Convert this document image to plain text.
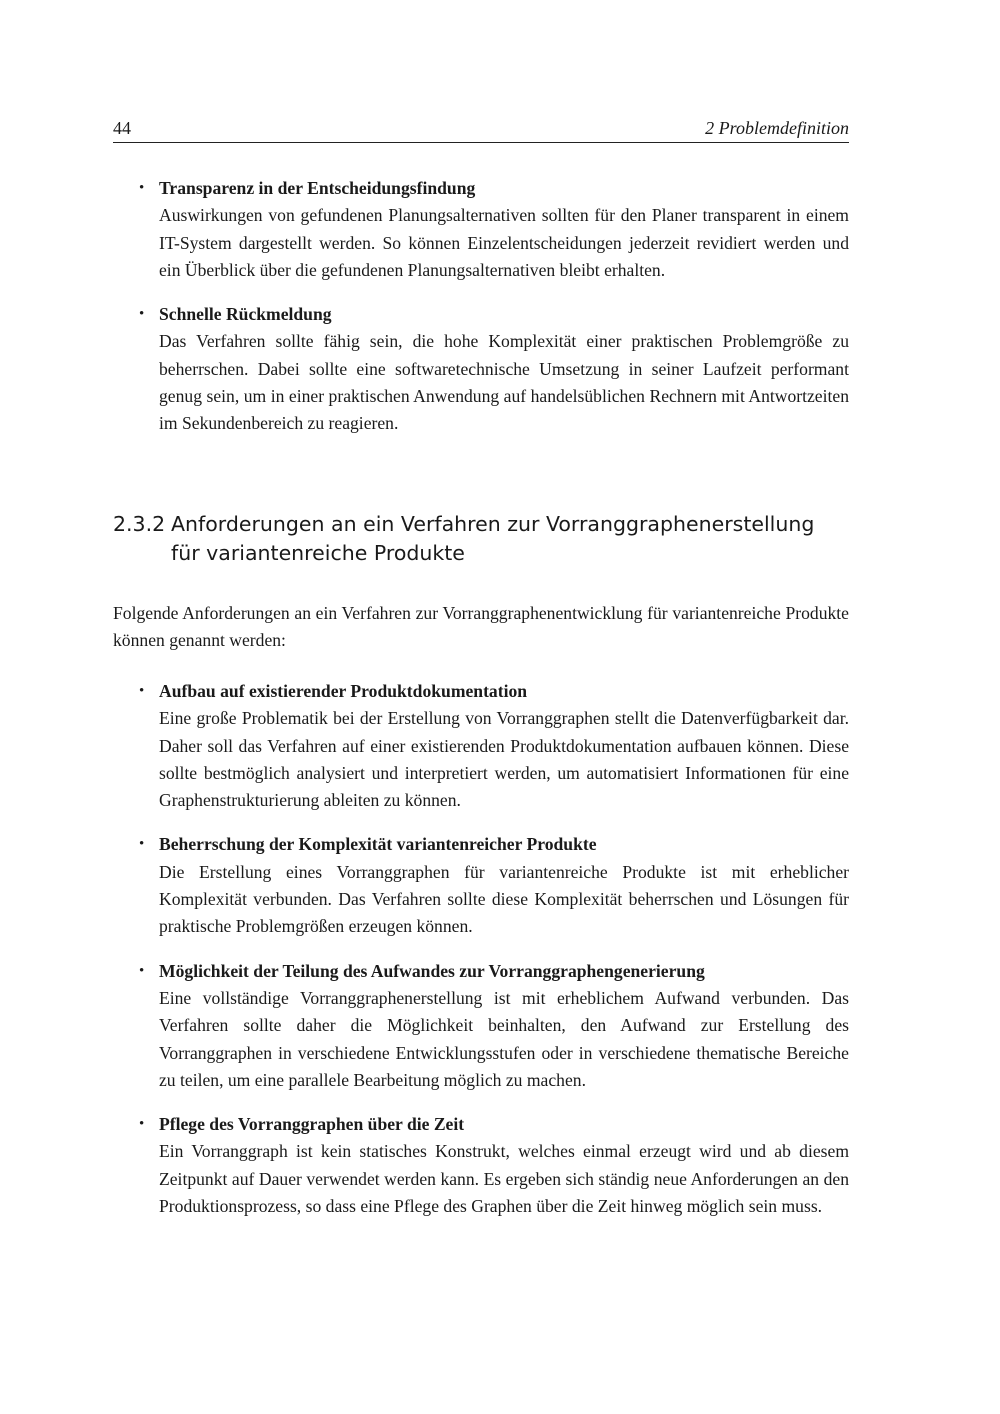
44	2 Problemdefinition
• Transparenz in der Entscheidungsfindung
Auswirkungen von gefundenen Planungsalternativen sollten für den Planer transparent in einem IT-System dargestellt werden. So können Einzelentscheidungen jederzeit revidiert werden und ein Überblick über die gefundenen Planungsalternativen bleibt erhalten.
• Schnelle Rückmeldung
Das Verfahren sollte fähig sein, die hohe Komplexität einer praktischen Problemgröße zu beherrschen. Dabei sollte eine softwaretechnische Umsetzung in seiner Laufzeit performant genug sein, um in einer praktischen Anwendung auf handelsüblichen Rechnern mit Antwortzeiten im Sekundenbereich zu reagieren.
2.3.2 Anforderungen an ein Verfahren zur Vorranggraphenerstellung für variantenreiche Produkte

Folgende Anforderungen an ein Verfahren zur Vorranggraphenentwicklung für variantenreiche Produkte können genannt werden:

• Aufbau auf existierender Produktdokumentation
Eine große Problematik bei der Erstellung von Vorranggraphen stellt die Datenverfügbarkeit dar. Daher soll das Verfahren auf einer existierenden Produktdokumentation aufbauen können. Diese sollte bestmöglich analysiert und interpretiert werden, um automatisiert Informationen für eine Graphenstrukturierung ableiten zu können.
• Beherrschung der Komplexität variantenreicher Produkte
Die Erstellung eines Vorranggraphen für variantenreiche Produkte ist mit erheblicher Komplexität verbunden. Das Verfahren sollte diese Komplexität beherrschen und Lösungen für praktische Problemgrößen erzeugen können.
• Möglichkeit der Teilung des Aufwandes zur Vorranggraphengenerierung
Eine vollständige Vorranggraphenerstellung ist mit erheblichem Aufwand verbunden. Das Verfahren sollte daher die Möglichkeit beinhalten, den Aufwand zur Erstellung des Vorranggraphen in verschiedene Entwicklungsstufen oder in verschiedene thematische Bereiche zu teilen, um eine parallele Bearbeitung möglich zu machen.
• Pflege des Vorranggraphen über die Zeit
Ein Vorranggraph ist kein statisches Konstrukt, welches einmal erzeugt wird und ab diesem Zeitpunkt auf Dauer verwendet werden kann. Es ergeben sich ständig neue Anforderungen an den Produktionsprozess, so dass eine Pflege des Graphen über die Zeit hinweg möglich sein muss.
